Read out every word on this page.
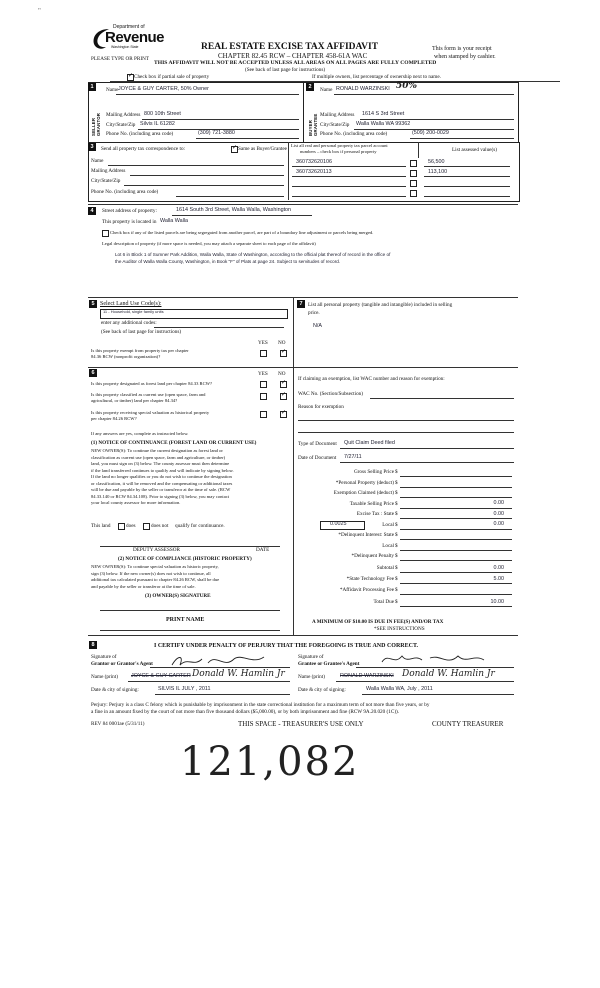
"
Department of
Revenue
Washington State
PLEASE TYPE OR PRINT
REAL ESTATE EXCISE TAX AFFIDAVIT
CHAPTER 82.45 RCW – CHAPTER 458-61A WAC
THIS AFFIDAVIT WILL NOT BE ACCEPTED UNLESS ALL AREAS ON ALL PAGES ARE FULLY COMPLETED
(See back of last page for instructions)
This form is your receipt
when stamped by cashier.
✓
Check box if partial sale of property	If multiple owners, list percentage of ownership next to name.
1
SELLER GRANTOR
Name JOYCE & GUY CARTER, 50% Owner
Mailing Address 800 10th Street
City/State/Zip Silvis IL 61282
Phone No. (including area code)	(309) 721-3880
2
BUYER GRANTEE
Name RONALD WARZINSKI 50%
Mailing Address 1614 S 3rd Street
City/State/Zip Walla Walla WA 99362
Phone No. (including area code)	(509) 200-0029
3	Send all property tax correspondence to:
✓	Same as Buyer/Grantee
Name
Mailing Address
City/State/Zip
Phone No. (including area code)
List all real and personal property tax parcel account
numbers – check box if personal property	List assessed value(s)
360732620106	56,500
360732620113	113,100
4	Street address of property:	1614 South 3rd Street, Walla Walla, Washington
This property is located in Walla Walla
Check box if any of the listed parcels are being segregated from another parcel, are part of a boundary line adjustment or parcels being merged.
Legal description of property (if more space is needed, you may attach a separate sheet to each page of the affidavit)
Lot 6 in Block 1 of Sumner Park Addition, Walla Walla, State of Washington, according to the official plat thereof of record in the office of
the Auditor of Walla Walla County, Washington, in Book "F" of Plats at page 24. Subject to servitudes of record.
5 Select Land Use Code(s):
11 - Household, single family units
enter any additional codes:
(See back of last page for instructions)
YES NO
Is this property exempt from property tax per chapter
84.36 RCW (nonprofit organization)?
✓
6	YES NO
Is this property designated as forest land per chapter 84.33 RCW?
✓
Is this property classified as current use (open space, farm and
agricultural, or timber) land per chapter 84.34?
✓
Is this property receiving special valuation as historical property
per chapter 84.26 RCW?
✓
If any answers are yes, complete as instructed below.
(1) NOTICE OF CONTINUANCE (FOREST LAND OR CURRENT USE)
NEW OWNER(S): To continue the current designation as forest land or
classification as current use (open space, farm and agriculture, or timber)
land, you must sign on (3) below. The county assessor must then determine
if the land transferred continues to qualify and will indicate by signing below.
If the land no longer qualifies or you do not wish to continue the designation
or classification, it will be removed and the compensating or additional taxes
will be due and payable by the seller or transferor at the time of sale. (RCW
84.33.140 or RCW 84.34.108). Prior to signing (3) below, you may contact
your local county assessor for more information.
This land	does	does not qualify for continuance.
DEPUTY ASSESSOR	DATE
(2) NOTICE OF COMPLIANCE (HISTORIC PROPERTY)
NEW OWNER(S): To continue special valuation as historic property,
sign (3) below. If the new owner(s) does not wish to continue, all
additional tax calculated pursuant to chapter 84.26 RCW, shall be due
and payable by the seller or transferor at the time of sale.
(3) OWNER(S) SIGNATURE
PRINT NAME
7	List all personal property (tangible and intangible) included in selling
price.
N/A
If claiming an exemption, list WAC number and reason for exemption:
WAC No. (Section/Subsection)
Reason for exemption
Type of Document Quit Claim Deed filed
Date of Document 7/27/11
Gross Selling Price $
*Personal Property (deduct) $
Exemption Claimed (deduct) $
Taxable Selling Price $	0.00
Excise Tax : State $	0.00
0.0025	Local $	0.00
*Delinquent Interest: State $
Local $
*Delinquent Penalty $
Subtotal $	0.00
*State Technology Fee $	5.00
*Affidavit Processing Fee $
Total Due $	10.00
A MINIMUM OF $10.00 IS DUE IN FEE(S) AND/OR TAX
*SEE INSTRUCTIONS
8	I CERTIFY UNDER PENALTY OF PERJURY THAT THE FOREGOING IS TRUE AND CORRECT.
Signature of
Grantor or Grantor's Agent
Signature of
Grantee or Grantee's Agent
Name (print) JOYCE & GUY CARTER Donald W. Hamlin Jr	Name (print)	RONALD WARZINSKI Donald W. Hamlin Jr
Date & city of signing:	SILVIS IL JULY , 2011	Date & city of signing:	Walla Walla WA, July , 2011
Perjury: Perjury is a class C felony which is punishable by imprisonment in the state correctional institution for a maximum term of not more than five years, or by
a fine in an amount fixed by the court of not more than five thousand dollars ($5,000.00), or by both imprisonment and fine (RCW 9A.20.020 (1C)).
REV 84 0001ae (5/31/11)	THIS SPACE - TREASURER'S USE ONLY	COUNTY TREASURER
121,082
